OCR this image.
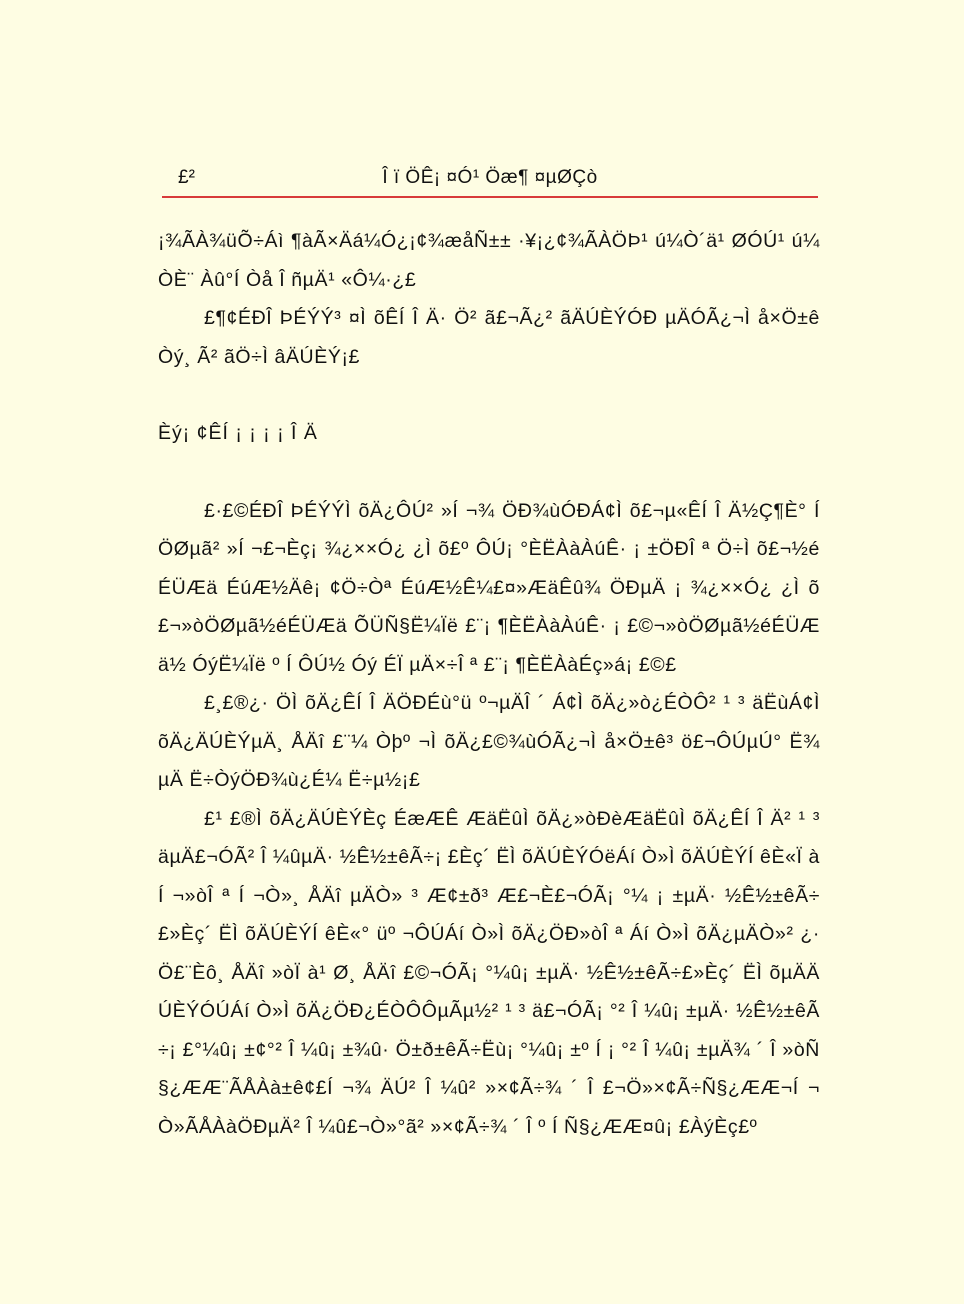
£²	Î ï ÖÊ¡ ¤Ó¹ Öæ¶ ¤µØÇò

¡¾ÃÀ¾üÕ÷Áì ¶àÃ×Äá¼Ó¿¡¢¾æåÑ±± ·¥¡¿¢¾ÃÀÖÞ¹ ú¼Ò´ä¹ ØÓÚ¹ ú¼ÒÈ¨ Àû°Í Òå Î ñµÄ¹ «Ô¼·¿£

£¶¢ÉÐÎ ÞÉÝÝ³ ¤Ì õÊÍ Î Ä· Ö² ã£¬Ã¿² ãÄÚÈÝÓÐ µÄÓÃ¿¬Ì å×Ö±êÒý¸ Ã² ãÖ÷Ì âÄÚÈÝ¡£

Èý¡ ¢ÊÍ ¡ ¡ ¡ ¡ Î Ä

£·£©ÉÐÎ ÞÉÝÝÌ õÄ¿ÔÚ² »Í ¬¾ ÖÐ¾ùÓÐÁ¢Ì õ£¬µ«ÊÍ Î Ä½Ç¶È° Í ÖØµã² »Í ¬£¬Èç¡ ¾¿××Ó¿ ¿Ì õ£º ÔÚ¡ °ÈËÀàÀúÊ· ¡ ±ÖÐÎ ª Ö÷Ì õ£¬½éÉÜÆä ÉúÆ½Äê¡ ¢Ö÷Òª ÉúÆ½Ê¼£¤»ÆäÊû¾ ÖÐµÄ ¡ ¾¿××Ó¿ ¿Ì õ£¬»òÖØµã½éÉÜÆä ÕÜÑ§Ë¼Ïë £¨¡ ¶ÈËÀàÀúÊ· ¡ £©¬»òÖØµã½éÉÜÆä½ ÓýË¼Ïë º Í ÔÚ½ Óý ÉÏ µÄ×÷Î ª £¨¡ ¶ÈËÀàÉç»á¡ £©£

£¸£®¿· ÖÌ õÄ¿ÊÍ Î ÄÖÐÉù°ü º¬µÄÎ ´ Á¢Ì õÄ¿»ò¿ÉÒÔ² ¹ ³ äËùÁ¢Ì õÄ¿ÄÚÈÝµÄ¸ ÅÄî £¨¼ Òþº ¬Ì õÄ¿£©¾ùÓÃ¿¬Ì å×Ö±ê³ ö£¬ÔÚµÚ° Ë¾ µÄ Ë÷ÒýÖÐ¾ù¿É¼ Ë÷µ½¡£

£¹ £®Ì õÄ¿ÄÚÈÝÈç ÉæÆÊ ÆäËûÌ õÄ¿»òÐèÆäËûÌ õÄ¿ÊÍ Î Ä² ¹ ³ äµÄ£¬ÓÃ² Î ¼ûµÄ· ½Ê½±êÃ÷¡ £Èç´ ËÌ õÄÚÈÝÓëÁí Ò»Ì õÄÚÈÝÍ êÈ«Ï àÍ ¬»òÎ ª Í ¬Ò»¸ ÅÄî µÄÒ» ³ Æ¢±ð³ Æ£¬È£¬ÓÃ¡ °¼ ¡ ±µÄ· ½Ê½±êÃ÷£»Èç´ ËÌ õÄÚÈÝÍ êÈ«° üº ¬ÔÚÁí Ò»Ì õÄ¿ÖÐ»òÎ ª Áí Ò»Ì õÄ¿µÄÒ»² ¿· Ö£¨Èô¸ ÅÄî »òÏ à¹ Ø¸ ÅÄî £©¬ÓÃ¡ °¼û¡ ±µÄ· ½Ê½±êÃ÷£»Èç´ ËÌ õµÄÄÚÈÝÓÚÁí Ò»Ì õÄ¿ÖÐ¿ÉÒÔÔµÃµ½² ¹ ³ ä£¬ÓÃ¡ °² Î ¼û¡ ±µÄ· ½Ê½±êÃ÷¡ £°¼û¡ ±¢°² Î ¼û¡ ±¾û· Ö±ð±êÃ÷Ëù¡ °¼û¡ ±º Í ¡ °² Î ¼û¡ ±µÄ¾ ´ Î »òÑ§¿ÆÆ¨ÃÅÀà±ê¢£Í ¬¾ ÄÚ² Î ¼û² »×¢Ã÷¾ ´ Î £¬Ö»×¢Ã÷Ñ§¿ÆÆ¬Í ¬Ò»ÃÅÀàÖÐµÄ² Î ¼û£¬Ò»°ã² »×¢Ã÷¾ ´ Î º Í Ñ§¿ÆÆ¤û¡ £ÀýÈç£º
